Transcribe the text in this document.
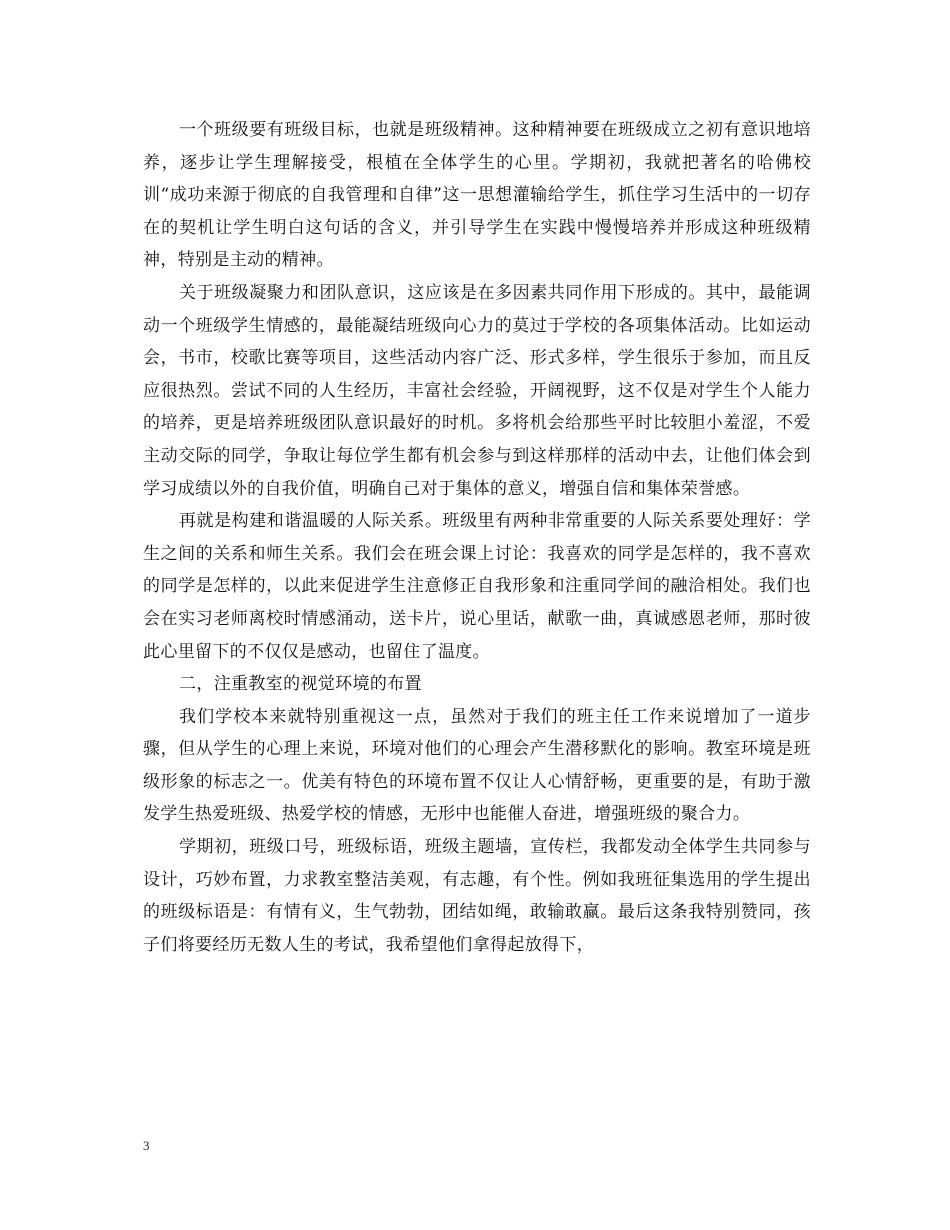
一个班级要有班级目标，也就是班级精神。这种精神要在班级成立之初有意识地培养，逐步让学生理解接受，根植在全体学生的心里。学期初，我就把著名的哈佛校训“成功来源于彻底的自我管理和自律”这一思想灌输给学生，抓住学习生活中的一切存在的契机让学生明白这句话的含义，并引导学生在实践中慢慢培养并形成这种班级精神，特别是主动的精神。

关于班级凝聚力和团队意识，这应该是在多因素共同作用下形成的。其中，最能调动一个班级学生情感的，最能凝结班级向心力的莫过于学校的各项集体活动。比如运动会，书市，校歌比赛等项目，这些活动内容广泛、形式多样，学生很乐于参加，而且反应很热烈。尝试不同的人生经历，丰富社会经验，开阔视野，这不仅是对学生个人能力的培养，更是培养班级团队意识最好的时机。多将机会给那些平时比较胆小羞涩，不爱主动交际的同学，争取让每位学生都有机会参与到这样那样的活动中去，让他们体会到学习成绩以外的自我价值，明确自己对于集体的意义，增强自信和集体荣誉感。

再就是构建和谐温暖的人际关系。班级里有两种非常重要的人际关系要处理好：学生之间的关系和师生关系。我们会在班会课上讨论：我喜欢的同学是怎样的，我不喜欢的同学是怎样的，以此来促进学生注意修正自我形象和注重同学间的融洽相处。我们也会在实习老师离校时情感涌动，送卡片，说心里话，献歌一曲，真诚感恩老师，那时彼此心里留下的不仅仅是感动，也留住了温度。

二，注重教室的视觉环境的布置

我们学校本来就特别重视这一点，虽然对于我们的班主任工作来说增加了一道步骤，但从学生的心理上来说，环境对他们的心理会产生潜移默化的影响。教室环境是班级形象的标志之一。优美有特色的环境布置不仅让人心情舒畅，更重要的是，有助于激发学生热爱班级、热爱学校的情感，无形中也能催人奋进，增强班级的聚合力。

学期初，班级口号，班级标语，班级主题墙，宣传栏，我都发动全体学生共同参与设计，巧妙布置，力求教室整洁美观，有志趣，有个性。例如我班征集选用的学生提出的班级标语是：有情有义，生气勃勃，团结如绳，敢输敢赢。最后这条我特别赞同，孩子们将要经历无数人生的考试，我希望他们拿得起放得下，

3
